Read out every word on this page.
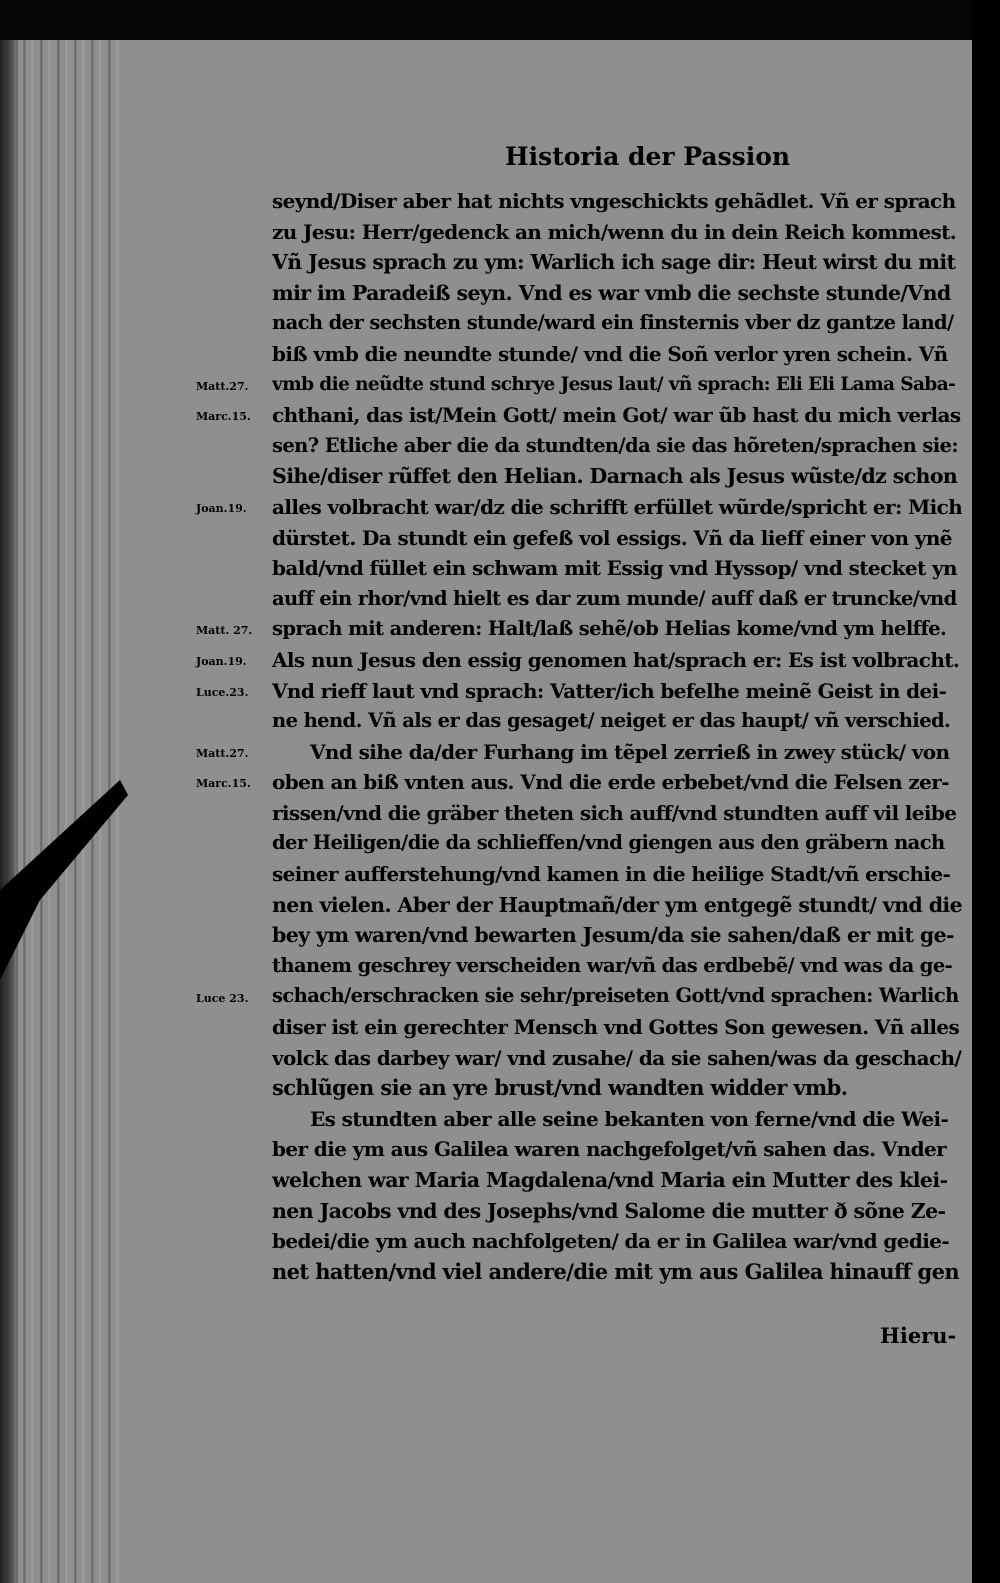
Historia der Passion
Matt.27.
Marc.15.
Joan.19.
Matt. 27.
Joan.19.
Luce.23.
Matt.27.
Marc.15.
Luce 23.
seynd/Diser aber hat nichts vngeschickts gehãdlet. Vñ er sprach
zu Jesu: Herr/gedenck an mich/wenn du in dein Reich kommest.
Vñ Jesus sprach zu ym: Warlich ich sage dir: Heut wirst du mit
mir im Paradeiß seyn. Vnd es war vmb die sechste stunde/Vnd
nach der sechsten stunde/ward ein finsternis vber dz gantze land/
biß vmb die neundte stunde/ vnd die Soñ verlor yren schein. Vñ
vmb die neũdte stund schrye Jesus laut/ vñ sprach: Eli Eli Lama Saba-
chthani, das ist/Mein Gott/ mein Got/ war ũb hast du mich verlas
sen? Etliche aber die da stundten/da sie das hõreten/sprachen sie:
Sihe/diser rũffet den Helian. Darnach als Jesus wũste/dz schon
alles volbracht war/dz die schrifft erfüllet wũrde/spricht er: Mich
dürstet. Da stundt ein gefeß vol essigs. Vñ da lieff einer von ynẽ
bald/vnd füllet ein schwam mit Essig vnd Hyssop/ vnd stecket yn
auff ein rhor/vnd hielt es dar zum munde/ auff daß er truncke/vnd
sprach mit anderen: Halt/laß sehẽ/ob Helias kome/vnd ym helffe.
Als nun Jesus den essig genomen hat/sprach er: Es ist volbracht.
Vnd rieff laut vnd sprach: Vatter/ich befelhe meinẽ Geist in dei-
ne hend. Vñ als er das gesaget/ neiget er das haupt/ vñ verschied.
Vnd sihe da/der Furhang im tẽpel zerrieß in zwey stück/ von
oben an biß vnten aus. Vnd die erde erbebet/vnd die Felsen zer-
rissen/vnd die gräber theten sich auff/vnd stundten auff vil leibe
der Heiligen/die da schlieffen/vnd giengen aus den gräbern nach
seiner aufferstehung/vnd kamen in die heilige Stadt/vñ erschie-
nen vielen. Aber der Hauptmañ/der ym entgegẽ stundt/ vnd die
bey ym waren/vnd bewarten Jesum/da sie sahen/daß er mit ge-
thanem geschrey verscheiden war/vñ das erdbebẽ/ vnd was da ge-
schach/erschracken sie sehr/preiseten Gott/vnd sprachen: Warlich
diser ist ein gerechter Mensch vnd Gottes Son gewesen. Vñ alles
volck das darbey war/ vnd zusahe/ da sie sahen/was da geschach/
schlũgen sie an yre brust/vnd wandten widder vmb.
Es stundten aber alle seine bekanten von ferne/vnd die Wei-
ber die ym aus Galilea waren nachgefolget/vñ sahen das. Vnder
welchen war Maria Magdalena/vnd Maria ein Mutter des klei-
nen Jacobs vnd des Josephs/vnd Salome die mutter ð sõne Ze-
bedei/die ym auch nachfolgeten/ da er in Galilea war/vnd gedie-
net hatten/vnd viel andere/die mit ym aus Galilea hinauff gen
Hieru-
